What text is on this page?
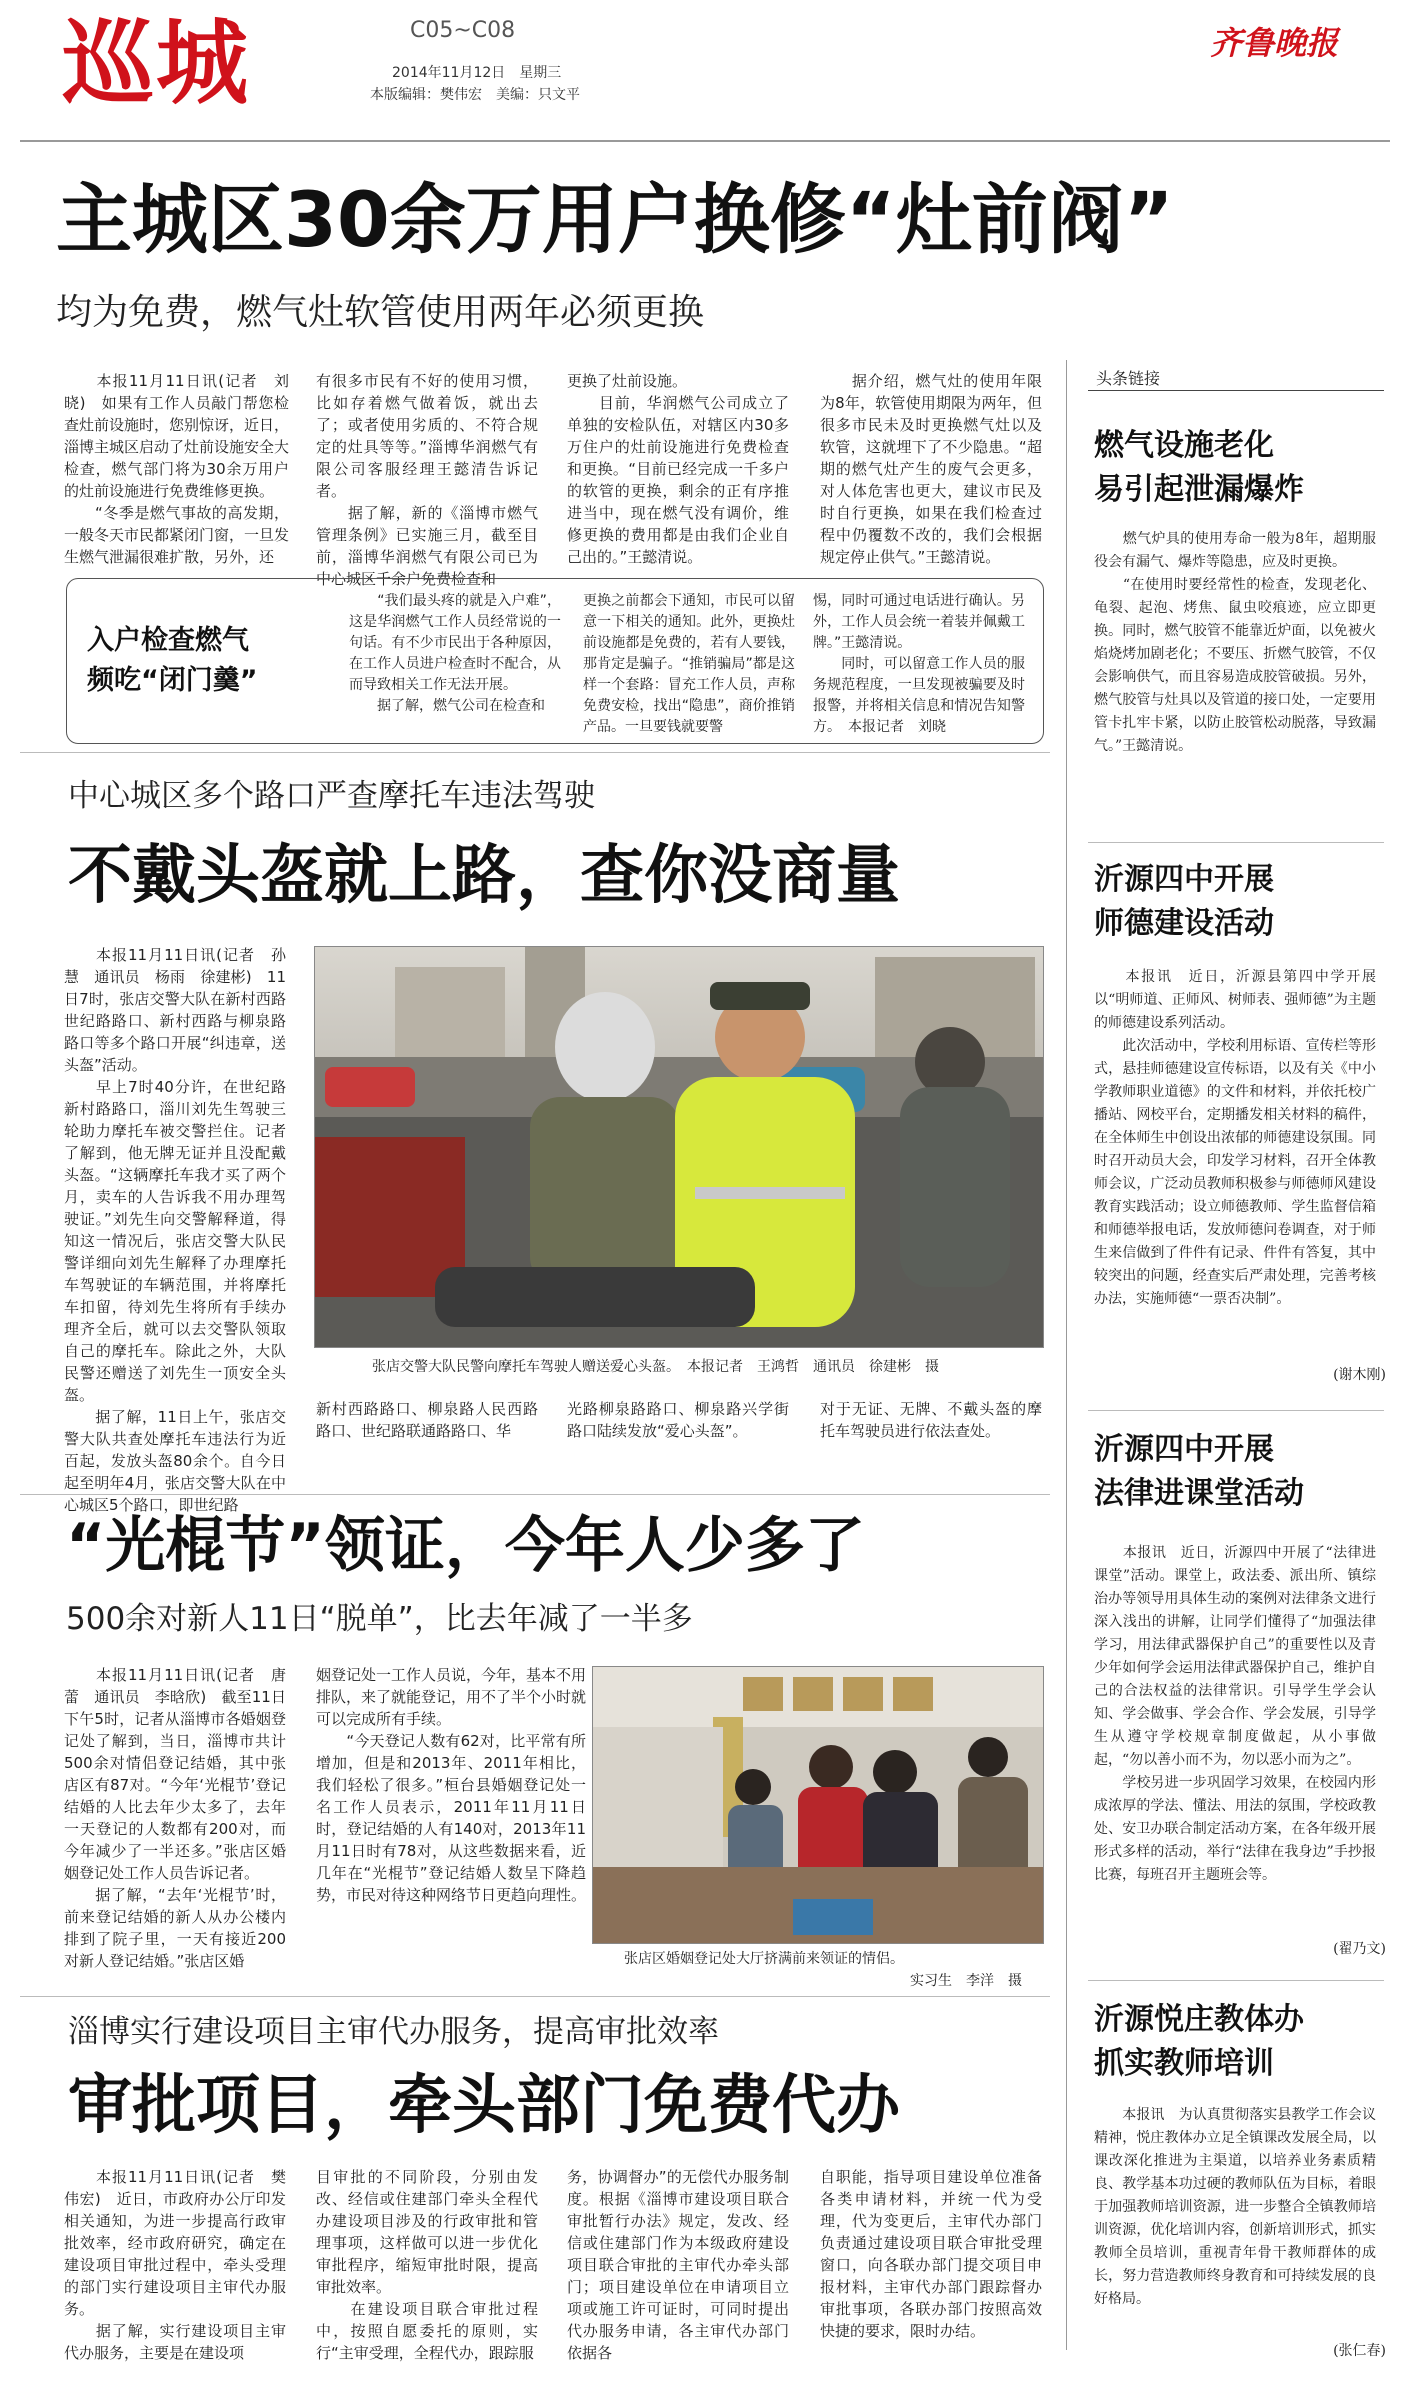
巡城	C05~C08
2014年11月12日　星期三
本版编辑：樊伟宏　美编：只文平
齐鲁晚报
主城区30余万用户换修“灶前阀”
均为免费，燃气灶软管使用两年必须更换
　　本报11月11日讯(记者　刘晓)　如果有工作人员敲门帮您检查灶前设施时，您别惊讶，近日，淄博主城区启动了灶前设施安全大检查，燃气部门将为30余万用户的灶前设施进行免费维修更换。
　　“冬季是燃气事故的高发期，一般冬天市民都紧闭门窗，一旦发生燃气泄漏很难扩散，另外，还
有很多市民有不好的使用习惯，比如存着燃气做着饭，就出去了；或者使用劣质的、不符合规定的灶具等等。”淄博华润燃气有限公司客服经理王懿清告诉记者。
　　据了解，新的《淄博市燃气管理条例》已实施三月，截至目前，淄博华润燃气有限公司已为中心城区千余户免费检查和
更换了灶前设施。
　　目前，华润燃气公司成立了单独的安检队伍，对辖区内30多万住户的灶前设施进行免费检查和更换。“目前已经完成一千多户的软管的更换，剩余的正有序推进当中，现在燃气没有调价，维修更换的费用都是由我们企业自己出的。”王懿清说。
　　据介绍，燃气灶的使用年限为8年，软管使用期限为两年，但很多市民未及时更换燃气灶以及软管，这就埋下了不少隐患。“超期的燃气灶产生的废气会更多，对人体危害也更大，建议市民及时自行更换，如果在我们检查过程中仍覆数不改的，我们会根据规定停止供气。”王懿清说。
入户检查燃气
频吃“闭门羹”
　　“我们最头疼的就是入户难”，这是华润燃气工作人员经常说的一句话。有不少市民出于各种原因，在工作人员进户检查时不配合，从而导致相关工作无法开展。
　　据了解，燃气公司在检查和
更换之前都会下通知，市民可以留意一下相关的通知。此外，更换灶前设施都是免费的，若有人要钱，那肯定是骗子。“推销骗局”都是这样一个套路：冒充工作人员，声称免费安检，找出“隐患”，商价推销产品。一旦要钱就要警
惕，同时可通过电话进行确认。另外，工作人员会统一着装并佩戴工牌。”王懿清说。
　　同时，可以留意工作人员的服务规范程度，一旦发现被骗要及时报警，并将相关信息和情况告知警方。　本报记者　刘晓
头条链接
燃气设施老化
易引起泄漏爆炸
　　燃气炉具的使用寿命一般为8年，超期服役会有漏气、爆炸等隐患，应及时更换。
　　“在使用时要经常性的检查，发现老化、龟裂、起泡、烤焦、鼠虫咬痕迹，应立即更换。同时，燃气胶管不能靠近炉面，以免被火焰烧烤加剧老化；不要压、折燃气胶管，不仅会影响供气，而且容易造成胶管破损。另外，燃气胶管与灶具以及管道的接口处，一定要用管卡扎牢卡紧，以防止胶管松动脱落，导致漏气。”王懿清说。
中心城区多个路口严查摩托车违法驾驶
不戴头盔就上路，查你没商量
　　本报11月11日讯(记者　孙慧　通讯员　杨雨　徐建彬)　11日7时，张店交警大队在新村西路世纪路路口、新村西路与柳泉路路口等多个路口开展“纠违章，送头盔”活动。
　　早上7时40分许，在世纪路新村路路口，淄川刘先生驾驶三轮助力摩托车被交警拦住。记者了解到，他无牌无证并且没配戴头盔。“这辆摩托车我才买了两个月，卖车的人告诉我不用办理驾驶证。”刘先生向交警解释道，得知这一情况后，张店交警大队民警详细向刘先生解释了办理摩托车驾驶证的车辆范围，并将摩托车扣留，待刘先生将所有手续办理齐全后，就可以去交警队领取自己的摩托车。除此之外，大队民警还赠送了刘先生一顶安全头盔。
　　据了解，11日上午，张店交警大队共查处摩托车违法行为近百起，发放头盔80余个。自今日起至明年4月，张店交警大队在中心城区5个路口，即世纪路
张店交警大队民警向摩托车驾驶人赠送爱心头盔。　本报记者　王鸿哲　通讯员　徐建彬　摄
新村西路路口、柳泉路人民西路路口、世纪路联通路路口、华
光路柳泉路路口、柳泉路兴学街路口陆续发放“爱心头盔”。
对于无证、无牌、不戴头盔的摩托车驾驶员进行依法查处。
沂源四中开展
师德建设活动
　　本报讯　近日，沂源县第四中学开展以“明师道、正师风、树师表、强师德”为主题的师德建设系列活动。
　　此次活动中，学校利用标语、宣传栏等形式，悬挂师德建设宣传标语，以及有关《中小学教师职业道德》的文件和材料，并依托校广播站、网校平台，定期播发相关材料的稿件，在全体师生中创设出浓郁的师德建设氛围。同时召开动员大会，印发学习材料，召开全体教师会议，广泛动员教师积极参与师德师风建设教育实践活动；设立师德教师、学生监督信箱和师德举报电话，发放师德问卷调查，对于师生来信做到了件件有记录、件件有答复，其中较突出的问题，经查实后严肃处理，完善考核办法，实施师德“一票否决制”。
(谢木刚)
“光棍节”领证，今年人少多了
500余对新人11日“脱单”，比去年减了一半多
　　本报11月11日讯(记者　唐蕾　通讯员　李晗欣)　截至11日下午5时，记者从淄博市各婚姻登记处了解到，当日，淄博市共计500余对情侣登记结婚，其中张店区有87对。“今年‘光棍节’登记结婚的人比去年少太多了，去年一天登记的人数都有200对，而今年减少了一半还多。”张店区婚姻登记处工作人员告诉记者。
　　据了解，“去年‘光棍节’时，前来登记结婚的新人从办公楼内排到了院子里，一天有接近200对新人登记结婚。”张店区婚
姻登记处一工作人员说，今年，基本不用排队，来了就能登记，用不了半个小时就可以完成所有手续。
　　“今天登记人数有62对，比平常有所增加，但是和2013年、2011年相比，我们轻松了很多。”桓台县婚姻登记处一名工作人员表示，2011年11月11日时，登记结婚的人有140对，2013年11月11日时有78对，从这些数据来看，近几年在“光棍节”登记结婚人数呈下降趋势，市民对待这种网络节日更趋向理性。
张店区婚姻登记处大厅挤满前来领证的情侣。
实习生　李洋　摄
沂源四中开展
法律进课堂活动
　　本报讯　近日，沂源四中开展了“法律进课堂”活动。课堂上，政法委、派出所、镇综治办等领导用具体生动的案例对法律条文进行深入浅出的讲解，让同学们懂得了“加强法律学习，用法律武器保护自己”的重要性以及青少年如何学会运用法律武器保护自己，维护自己的合法权益的法律常识。引导学生学会认知、学会做事、学会合作、学会发展，引导学生从遵守学校规章制度做起，从小事做起，“勿以善小而不为，勿以恶小而为之”。
　　学校另进一步巩固学习效果，在校园内形成浓厚的学法、懂法、用法的氛围，学校政教处、安卫办联合制定活动方案，在各年级开展形式多样的活动，举行“法律在我身边”手抄报比赛，每班召开主题班会等。
(翟乃文)
淄博实行建设项目主审代办服务，提高审批效率
审批项目，牵头部门免费代办
　　本报11月11日讯(记者　樊伟宏)　近日，市政府办公厅印发相关通知，为进一步提高行政审批效率，经市政府研究，确定在建设项目审批过程中，牵头受理的部门实行建设项目主审代办服务。
　　据了解，实行建设项目主审代办服务，主要是在建设项
目审批的不同阶段，分别由发改、经信或住建部门牵头全程代办建设项目涉及的行政审批和管理事项，这样做可以进一步优化审批程序，缩短审批时限，提高审批效率。
　　在建设项目联合审批过程中，按照自愿委托的原则，实行“主审受理，全程代办，跟踪服
务，协调督办”的无偿代办服务制度。根据《淄博市建设项目联合审批暂行办法》规定，发改、经信或住建部门作为本级政府建设项目联合审批的主审代办牵头部门；项目建设单位在申请项目立项或施工许可证时，可同时提出代办服务申请，各主审代办部门依据各
自职能，指导项目建设单位准备各类申请材料，并统一代为受理，代为变更后，主审代办部门负责通过建设项目联合审批受理窗口，向各联办部门提交项目申报材料，主审代办部门跟踪督办审批事项，各联办部门按照高效快捷的要求，限时办结。
沂源悦庄教体办
抓实教师培训
　　本报讯　为认真贯彻落实县教学工作会议精神，悦庄教体办立足全镇课改发展全局，以课改深化推进为主渠道，以培养业务素质精良、教学基本功过硬的教师队伍为目标，着眼于加强教师培训资源，进一步整合全镇教师培训资源，优化培训内容，创新培训形式，抓实教师全员培训，重视青年骨干教师群体的成长，努力营造教师终身教育和可持续发展的良好格局。
(张仁春)
